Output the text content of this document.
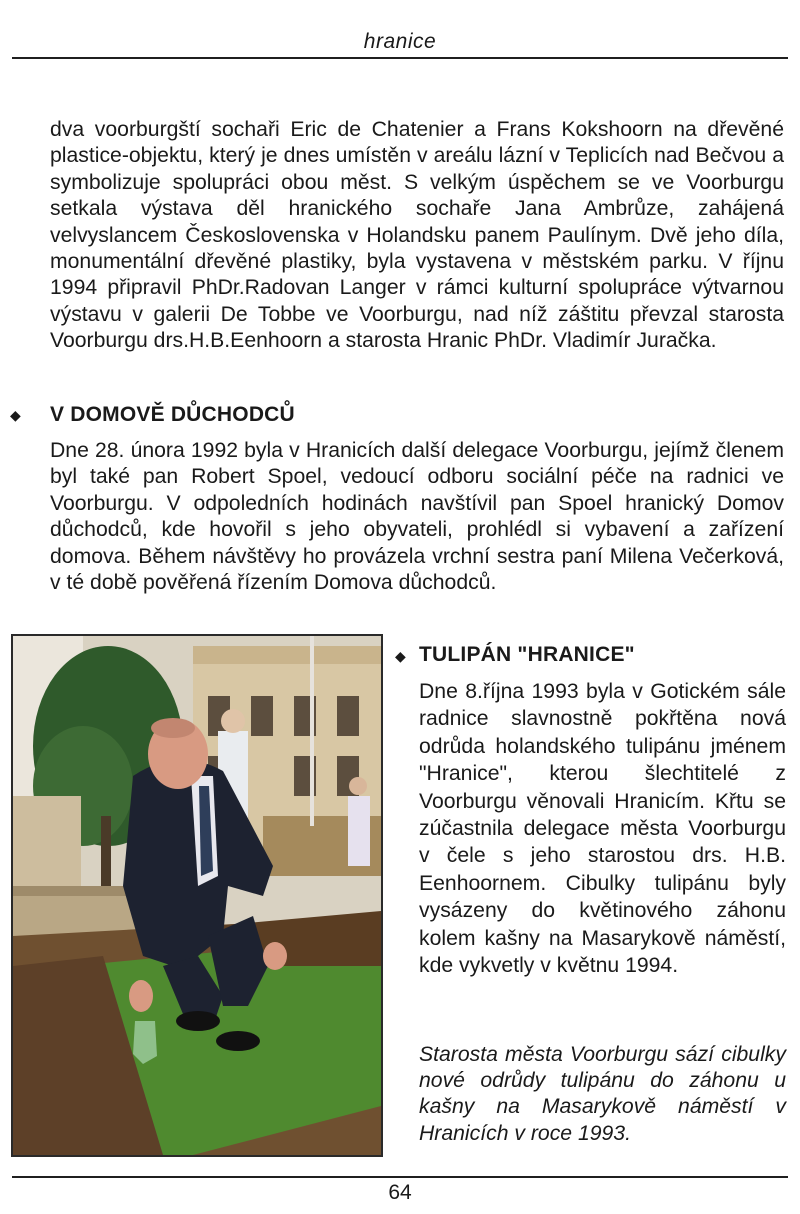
hranice

dva voorburgští sochaři Eric de Chatenier a Frans Kokshoorn na dřevěné plastice-objektu, který je dnes umístěn v areálu lázní v Teplicích nad Bečvou a symbolizuje spolupráci obou měst. S velkým úspěchem se ve Voorburgu setkala výstava děl hranického sochaře Jana Ambrůze, zahájená velvyslancem Československa v Holandsku panem Paulínym. Dvě jeho díla, monumentální dřevěné plastiky, byla vystavena v městském parku. V říjnu 1994 připravil PhDr.Radovan Langer v rámci kulturní spolupráce výtvarnou výstavu v galerii De Tobbe ve Voorburgu, nad níž záštitu převzal starosta Voorburgu drs.H.B.Eenhoorn a starosta Hranic PhDr. Vladimír Juračka.

◆ V DOMOVĚ DŮCHODCŮ

Dne 28. února 1992 byla v Hranicích další delegace Voorburgu, jejímž členem byl také pan Robert Spoel, vedoucí odboru sociální péče na radnici ve Voorburgu. V odpoledních hodinách navštívil pan Spoel hranický Domov důchodců, kde hovořil s jeho obyvateli, prohlédl si vybavení a zařízení domova. Během návštěvy ho provázela vrchní sestra paní Milena Večerková, v té době pověřená řízením Domova důchodců.

◆ TULIPÁN "HRANICE"

Dne 8.října 1993 byla v Gotickém sále radnice slavnostně pokřtěna nová odrůda holandského tulipánu jménem "Hranice", kterou šlechtitelé z Voorburgu věnovali Hranicím. Křtu se zúčastnila delegace města Voorburgu v čele s jeho starostou drs. H.B. Eenhoornem. Cibulky tulipánu byly vysázeny do květinového záhonu kolem kašny na Masarykově náměstí, kde vykvetly v květnu 1994.

Starosta města Voorburgu sází cibulky nové odrůdy tulipánu do záhonu u kašny na Masarykově náměstí v Hranicích v roce 1993.

64
